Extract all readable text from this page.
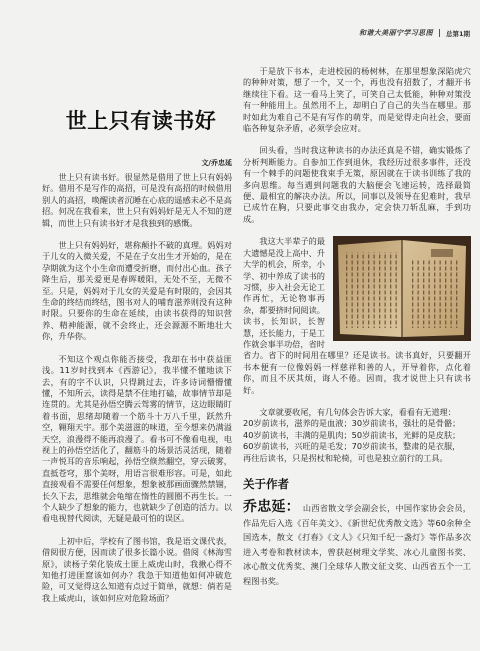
和谐大美丽宁学习思图 总第1期
世上只有读书好
文/乔忠延

世上只有读书好。很显然是借用了世上只有妈妈好。借用不是写作的高招，可是没有高招的时候借用别人的高招，唤醒读者沉睡在心底的遥感未必不是高招。何况在我看来，世上只有妈妈好是无人不知的逻辑，而世上只有读书好才是我独到的感慨。

世上只有妈妈好，堪称颠扑不破的真理。妈妈对于儿女的入微关爱，不是在子女出生才开始的，是在孕期就为这个小生命而遭受折磨，而付出心血。孩子降生后，那关爱更是春晖暖阳，无处不至，无微不至。只是，妈妈对于儿女的关爱是有时限的，会因其生命的终结而终结，图书对人的哺育滋养则没有这种时限。只要你的生命在延续，由读书获得的知识营养、精神能源，就不会终止，还会源源不断地壮大你，升华你。

不知这个观点你能否接受，我却在书中获益匪浅。11岁时找到本《西游记》，我半懂不懂地读下去，有的字不认识，只得跳过去，许多诗词懵懵懂懂，不知所云，读得是禁不住地打磕，故事情节却是连贯的。尤其是孙悟空腾云驾雾的情节，这边眼睛盯着书面，思绪却随着一个筋斗十万八千里，跃然升空，翱翔天宇。那个美滋滋的味道，至今想来仍满溢天空，浪漫得不能再浪漫了。看书可不像看电视，电视上的孙悟空活化了，翻筋斗的场景活灵活现，随着一声悦耳的音乐响起，孙悟空倏然翻空，穿云破雾，直抵苍穹，那个美呀，用语言很难形容。可是，如此直接观看不需要任何想象，想象被那画面骤然禁锢，长久下去，思维就会龟缩在惰性的圆圈不再生长。一个人缺少了想象的能力，也就缺少了创造的活力。以看电视替代阅读，无疑是最可怕的误区。

上初中后，学校有了图书馆，我是语文课代表，借阅很方便，因而读了很多长篇小说。借阅《林海雪原》，读杨子荣化装成土匪上威虎山时，我揪心得不知他打进匪窟该如何办？我急于知道他如何冲破危险，可又觉得这么知道有点过于简单，就想：倘若是我上威虎山，该如何应对危险场面？

于是放下书本，走进校园的杨树林，在那里想象深陷虎穴的种种对策，想了一个，又一个，再也没有招数了，才翻开书继续往下看。这一看马上笑了，可笑自己太低能，种种对策没有一种能用上。虽然用不上，却明白了自己的失当在哪里。那时如此为难自己不是有写作的萌芽，而是觉得走向社会，要面临各种复杂矛盾，必须学会应对。

回头看，当时我这种读书的办法还真是不错，确实锻炼了分析判断能力。自参加工作到退休，我经历过很多事件，还没有一个棘手的问题使我束手无策，原因就在于读书训练了我的多向思维。每当遇到问题我的大脑便会飞速运转，选择最简便、最相宜的解决办法。所以，同事以及领导在犯难时，我早已成竹在胸，只要此事交由我办，定会快刀斩乱麻，手到功成。

我这大半辈子的最大遗憾是没上高中、升大学的机会，所幸，小学、初中养成了读书的习惯，步入社会无论工作再忙，无论物事再杂，都要挤时间阅读。读书，长知识，长智慧，还长能力，于是工作就会事半功倍，省时省力。省下的时间用在哪里？还是读书。读书真好，只要翻开书本便有一位像妈妈一样慈祥和善的人，开导着你，点化着你，而且不厌其烦，诲人不倦。因而，我才说世上只有读书好。

文章就要收尾，有几句体会告诉大家，看看有无道理：

20岁前读书，滋养的是血液；30岁前读书，强壮的是骨骼；

40岁前读书，丰满的是肌肉；50岁前读书，光鲜的是皮肤；

60岁前读书，兴旺的是毛发；70岁前读书，整肃的是衣服，

再往后读书，只是拐杖和轮椅，可也是独立前行的工具。

关于作者

乔忠延： 山西省散文学会副会长，中国作家协会会员，作品先后入选《百年美文》、《新世纪优秀散文选》等60余种全国选本，散文《打春》《文人》《只知千纪一盏灯》等作品多次进入考卷和教材读本，曾获赵树理文学奖、冰心儿童图书奖、冰心散文优秀奖、澳门全球华人散文征文奖、山西省五个一工程图书奖。
